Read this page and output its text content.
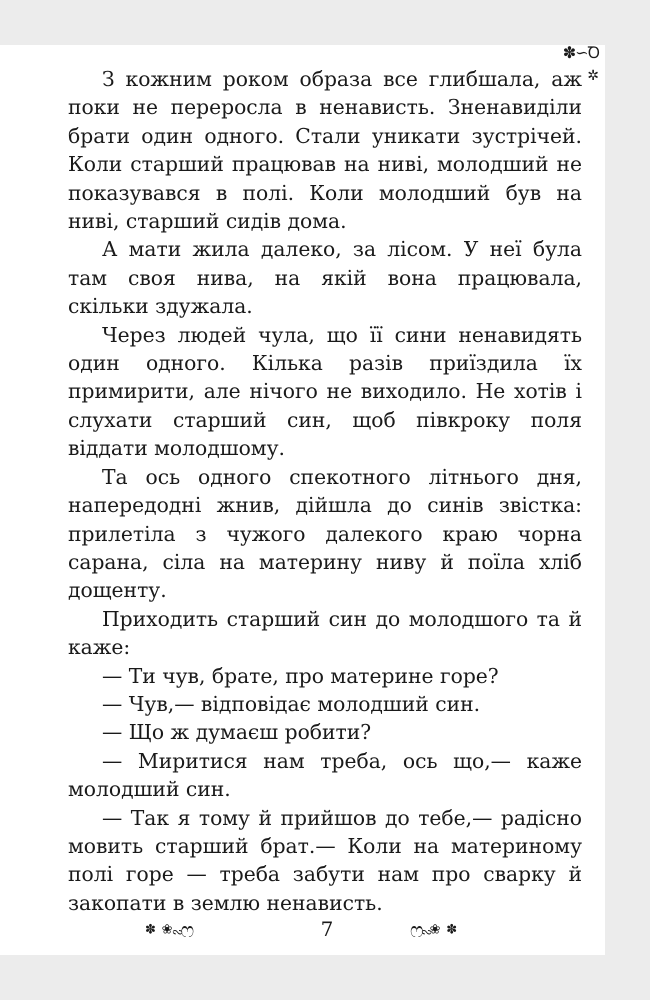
✽∽Ꝺ
✲

З кожним роком образа все глибшала, аж поки не переросла в ненависть. Зненавиділи брати один одного. Стали уникати зустрічей. Коли старший працював на ниві, молодший не показувався в полі. Коли молодший був на ниві, старший сидів дома.

А мати жила далеко, за лісом. У неї була там своя нива, на якій вона працювала, скільки здужала.

Через людей чула, що її сини ненавидять один одного. Кілька разів приїздила їх примирити, але нічого не виходило. Не хотів і слухати старший син, щоб півкроку поля віддати молодшому.

Та ось одного спекотного літнього дня, напередодні жнив, дійшла до синів звістка: прилетіла з чужого далекого краю чорна сарана, сіла на материну ниву й поїла хліб дощенту.

Приходить старший син до молодшого та й каже:

— Ти чув, брате, про материне горе?

— Чув,— відповідає молодший син.

— Що ж думаєш робити?

— Миритися нам треба, ось що,— каже молодший син.

— Так я тому й прийшов до тебе,— радісно мовить старший брат.— Коли на материному полі горе — треба забути нам про сварку й закопати в землю ненависть.

✽ ❀∾ෆ	7	ෆ∾❀ ✽
